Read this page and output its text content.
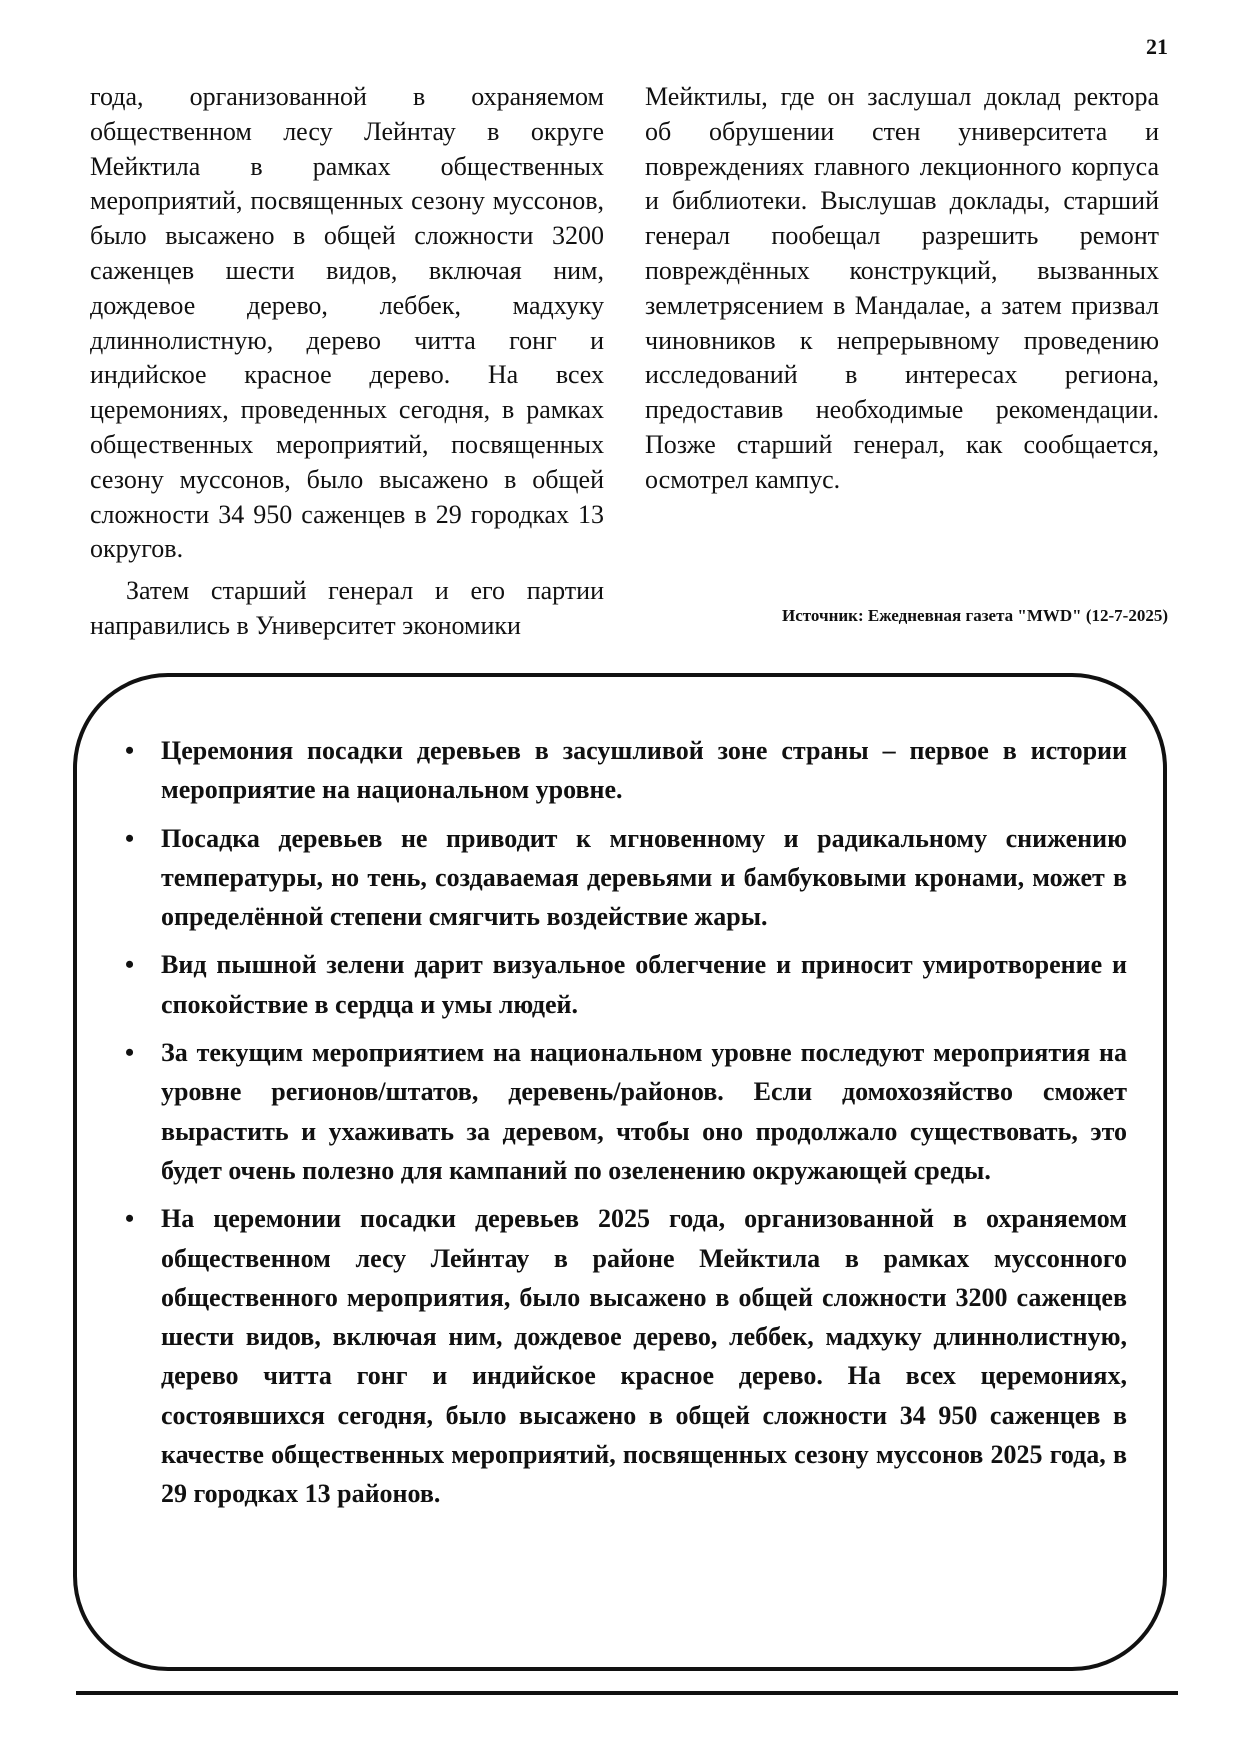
21

года, организованной в охраняемом общественном лесу Лейнтау в округе Мейктила в рамках общественных мероприятий, посвященных сезону муссонов, было высажено в общей сложности 3200 саженцев шести видов, включая ним, дождевое дерево, леббек, мадхуку длиннолистную, дерево читта гонг и индийское красное дерево. На всех церемониях, проведенных сегодня, в рамках общественных мероприятий, посвященных сезону муссонов, было высажено в общей сложности 34 950 саженцев в 29 городках 13 округов.

Затем старший генерал и его партии направились в Университет экономики

Мейктилы, где он заслушал доклад ректора об обрушении стен университета и повреждениях главного лекционного корпуса и библиотеки. Выслушав доклады, старший генерал пообещал разрешить ремонт повреждённых конструкций, вызванных землетрясением в Мандалае, а затем призвал чиновников к непрерывному проведению исследований в интересах региона, предоставив необходимые рекомендации. Позже старший генерал, как сообщается, осмотрел кампус.

Источник: Ежедневная газета "MWD" (12-7-2025)
• Церемония посадки деревьев в засушливой зоне страны – первое в истории мероприятие на национальном уровне.
• Посадка деревьев не приводит к мгновенному и радикальному снижению температуры, но тень, создаваемая деревьями и бамбуковыми кронами, может в определённой степени смягчить воздействие жары.
• Вид пышной зелени дарит визуальное облегчение и приносит умиротворение и спокойствие в сердца и умы людей.
• За текущим мероприятием на национальном уровне последуют мероприятия на уровне регионов/штатов, деревень/районов. Если домохозяйство сможет вырастить и ухаживать за деревом, чтобы оно продолжало существовать, это будет очень полезно для кампаний по озеленению окружающей среды.
• На церемонии посадки деревьев 2025 года, организованной в охраняемом общественном лесу Лейнтау в районе Мейктила в рамках муссонного общественного мероприятия, было высажено в общей сложности 3200 саженцев шести видов, включая ним, дождевое дерево, леббек, мадхуку длиннолистную, дерево читта гонг и индийское красное дерево. На всех церемониях, состоявшихся сегодня, было высажено в общей сложности 34 950 саженцев в качестве общественных мероприятий, посвященных сезону муссонов 2025 года, в 29 городках 13 районов.
